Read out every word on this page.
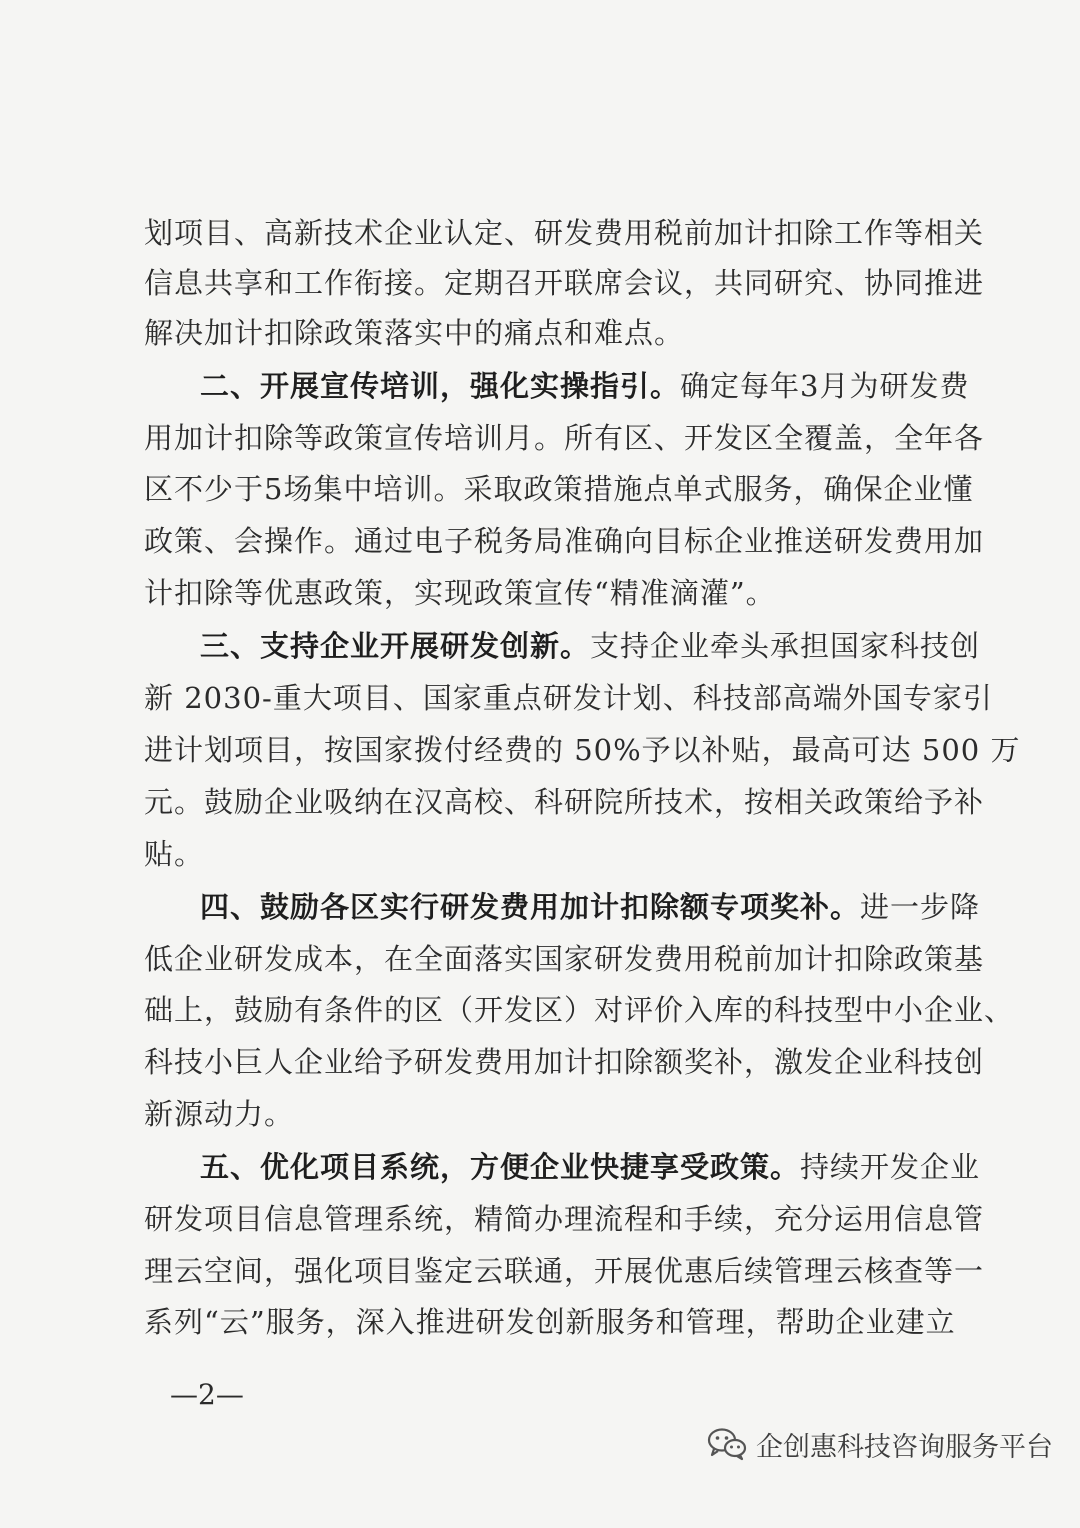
划项目、高新技术企业认定、研发费用税前加计扣除工作等相关
信息共享和工作衔接。定期召开联席会议，共同研究、协同推进
解决加计扣除政策落实中的痛点和难点。
二、开展宣传培训，强化实操指引。确定每年3月为研发费
用加计扣除等政策宣传培训月。所有区、开发区全覆盖，全年各
区不少于5场集中培训。采取政策措施点单式服务，确保企业懂
政策、会操作。通过电子税务局准确向目标企业推送研发费用加
计扣除等优惠政策，实现政策宣传“精准滴灌”。
三、支持企业开展研发创新。支持企业牵头承担国家科技创
新 2030-重大项目、国家重点研发计划、科技部高端外国专家引
进计划项目，按国家拨付经费的 50%予以补贴，最高可达 500 万
元。鼓励企业吸纳在汉高校、科研院所技术，按相关政策给予补
贴。
四、鼓励各区实行研发费用加计扣除额专项奖补。进一步降
低企业研发成本，在全面落实国家研发费用税前加计扣除政策基
础上，鼓励有条件的区（开发区）对评价入库的科技型中小企业、
科技小巨人企业给予研发费用加计扣除额奖补，激发企业科技创
新源动力。
五、优化项目系统，方便企业快捷享受政策。持续开发企业
研发项目信息管理系统，精简办理流程和手续，充分运用信息管
理云空间，强化项目鉴定云联通，开展优惠后续管理云核查等一
系列“云”服务，深入推进研发创新服务和管理，帮助企业建立
—2—
企创惠科技咨询服务平台
